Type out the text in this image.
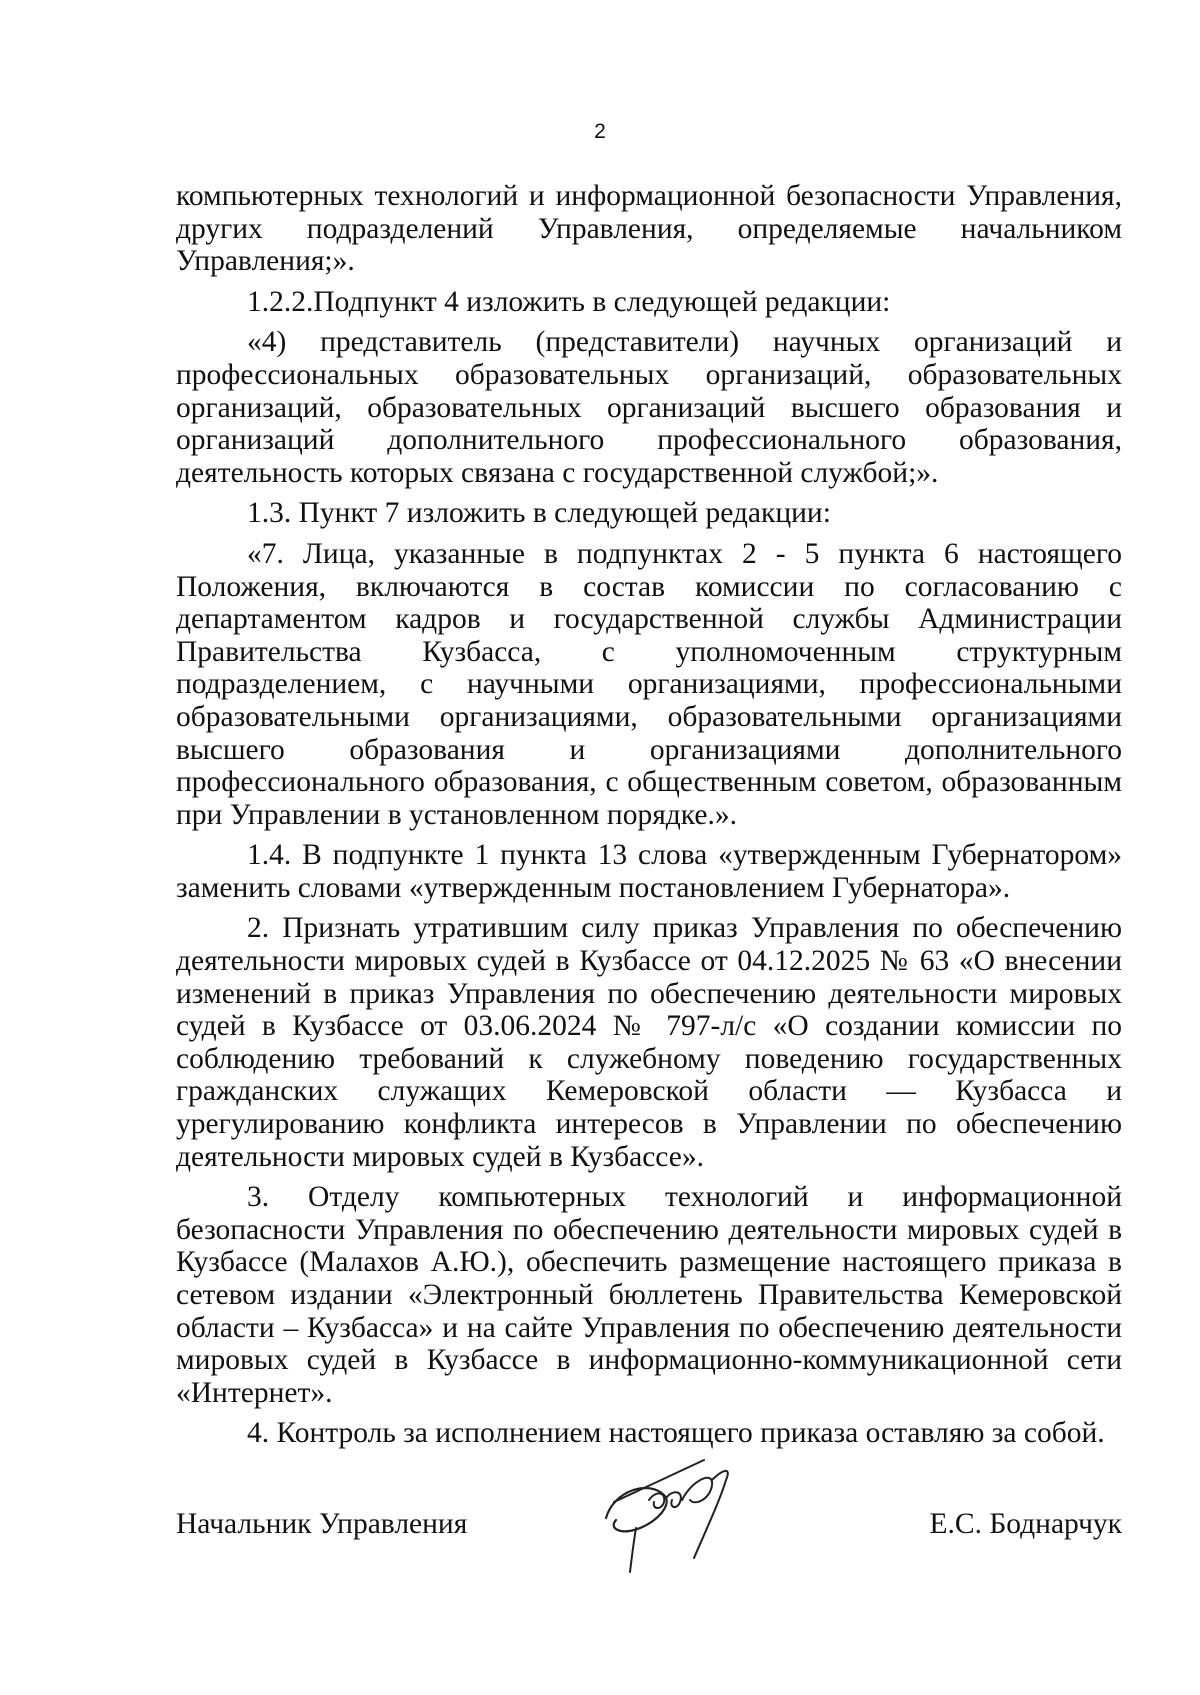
2

компьютерных технологий и информационной безопасности Управления, других подразделений Управления, определяемые начальником Управления;».

1.2.2.Подпункт 4 изложить в следующей редакции:

«4) представитель (представители) научных организаций и профессиональных образовательных организаций, образовательных организаций, образовательных организаций высшего образования и организаций дополнительного профессионального образования, деятельность которых связана с государственной службой;».

1.3. Пункт 7 изложить в следующей редакции:

«7. Лица, указанные в подпунктах 2 - 5 пункта 6 настоящего Положения, включаются в состав комиссии по согласованию с департаментом кадров и государственной службы Администрации Правительства Кузбасса, с уполномоченным структурным подразделением, с научными организациями, профессиональными образовательными организациями, образовательными организациями высшего образования и организациями дополнительного профессионального образования, с общественным советом, образованным при Управлении в установленном порядке.».

1.4. В подпункте 1 пункта 13 слова «утвержденным Губернатором» заменить словами «утвержденным постановлением Губернатора».

2. Признать утратившим силу приказ Управления по обеспечению деятельности мировых судей в Кузбассе от 04.12.2025 № 63 «О внесении изменений в приказ Управления по обеспечению деятельности мировых судей в Кузбассе от 03.06.2024 № 797-л/с «О создании комиссии по соблюдению требований к служебному поведению государственных гражданских служащих Кемеровской области — Кузбасса и урегулированию конфликта интересов в Управлении по обеспечению деятельности мировых судей в Кузбассе».

3. Отделу компьютерных технологий и информационной безопасности Управления по обеспечению деятельности мировых судей в Кузбассе (Малахов А.Ю.), обеспечить размещение настоящего приказа в сетевом издании «Электронный бюллетень Правительства Кемеровской области – Кузбасса» и на сайте Управления по обеспечению деятельности мировых судей в Кузбассе в информационно-коммуникационной сети «Интернет».

4. Контроль за исполнением настоящего приказа оставляю за собой.

Начальник Управления	Е.С. Боднарчук
